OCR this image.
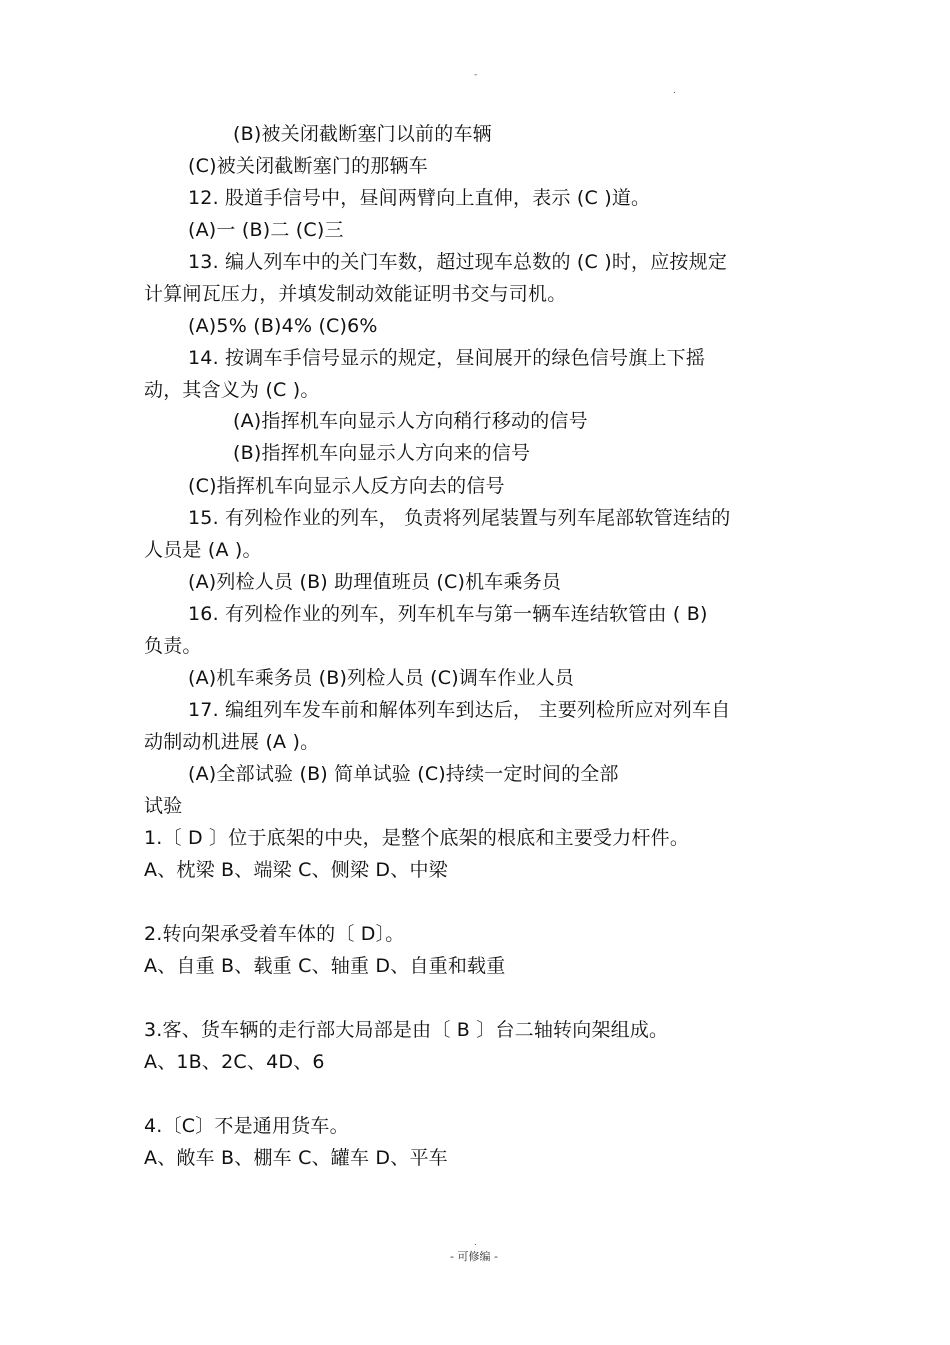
-
.
(B)被关闭截断塞门以前的车辆
(C)被关闭截断塞门的那辆车
12. 股道手信号中，昼间两臂向上直伸，表示 (C )道。
(A)一 (B)二 (C)三
13. 编人列车中的关门车数，超过现车总数的 (C )时，应按规定
计算闸瓦压力，并填发制动效能证明书交与司机。
(A)5% (B)4% (C)6%
14. 按调车手信号显示的规定，昼间展开的绿色信号旗上下摇
动，其含义为 (C )。
(A)指挥机车向显示人方向稍行移动的信号
(B)指挥机车向显示人方向来的信号
(C)指挥机车向显示人反方向去的信号
15. 有列检作业的列车， 负责将列尾装置与列车尾部软管连结的
人员是 (A )。
(A)列检人员 (B) 助理值班员 (C)机车乘务员
16. 有列检作业的列车，列车机车与第一辆车连结软管由 ( B)
负责。
(A)机车乘务员 (B)列检人员 (C)调车作业人员
17. 编组列车发车前和解体列车到达后， 主要列检所应对列车自
动制动机进展 (A )。
(A)全部试验 (B) 简单试验 (C)持续一定时间的全部
试验
1.〔 D 〕位于底架的中央，是整个底架的根底和主要受力杆件。
A、枕梁 B、端梁 C、侧梁 D、中梁
2.转向架承受着车体的〔 D〕。
A、自重 B、载重 C、轴重 D、自重和载重
3.客、货车辆的走行部大局部是由〔 B 〕台二轴转向架组成。
A、1B、2C、4D、6
4.〔C〕不是通用货车。
A、敞车 B、棚车 C、罐车 D、平车
.
- 可修编 -
